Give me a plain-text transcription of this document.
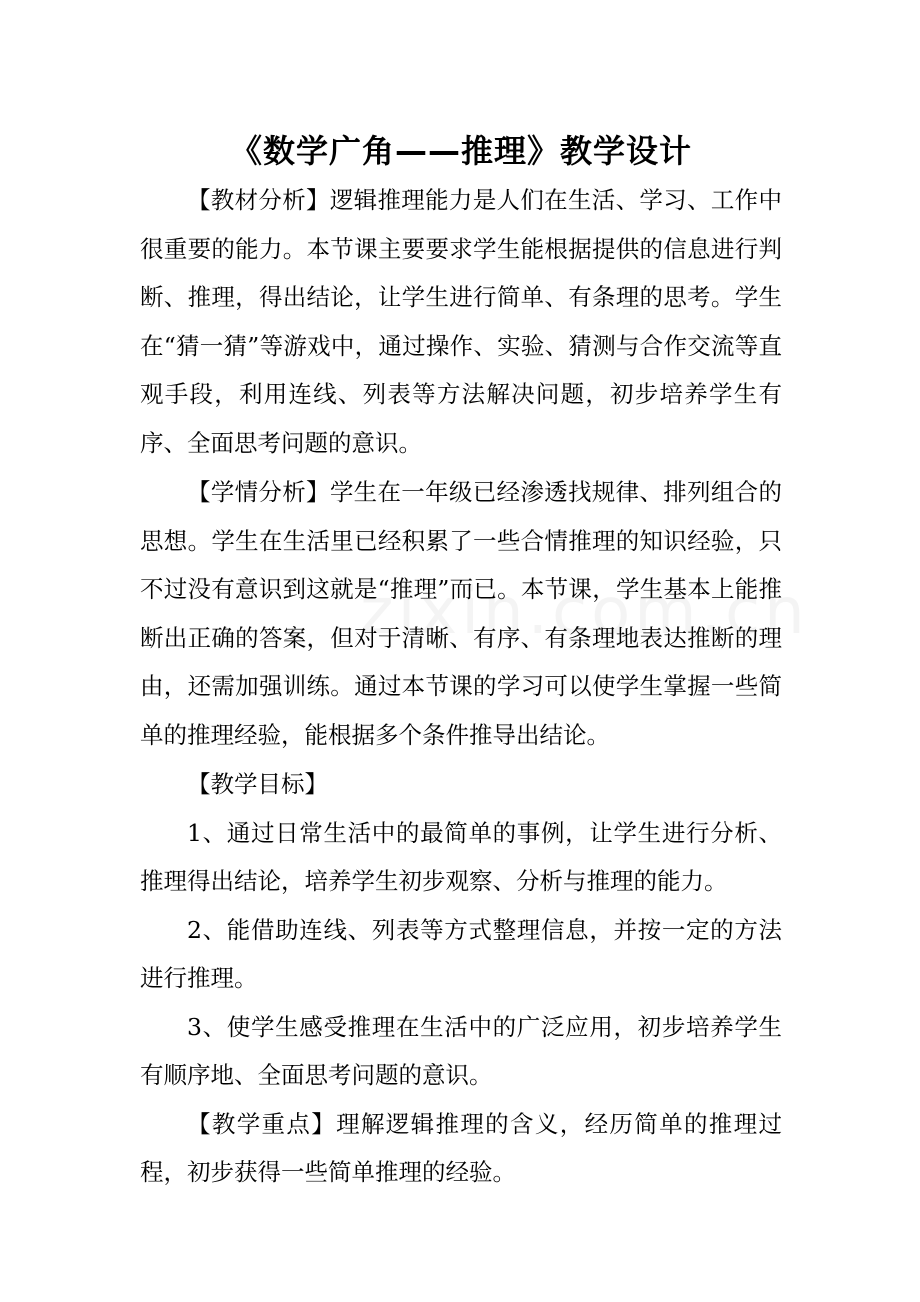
《数学广角——推理》教学设计

【教材分析】逻辑推理能力是人们在生活、学习、工作中很重要的能力。本节课主要要求学生能根据提供的信息进行判断、推理，得出结论，让学生进行简单、有条理的思考。学生在“猜一猜”等游戏中，通过操作、实验、猜测与合作交流等直观手段，利用连线、列表等方法解决问题，初步培养学生有序、全面思考问题的意识。

【学情分析】学生在一年级已经渗透找规律、排列组合的思想。学生在生活里已经积累了一些合情推理的知识经验，只不过没有意识到这就是“推理”而已。本节课，学生基本上能推断出正确的答案，但对于清晰、有序、有条理地表达推断的理由，还需加强训练。通过本节课的学习可以使学生掌握一些简单的推理经验，能根据多个条件推导出结论。

【教学目标】

1、通过日常生活中的最简单的事例，让学生进行分析、推理得出结论，培养学生初步观察、分析与推理的能力。

2、能借助连线、列表等方式整理信息，并按一定的方法进行推理。

3、使学生感受推理在生活中的广泛应用，初步培养学生有顺序地、全面思考问题的意识。

【教学重点】理解逻辑推理的含义，经历简单的推理过程，初步获得一些简单推理的经验。
